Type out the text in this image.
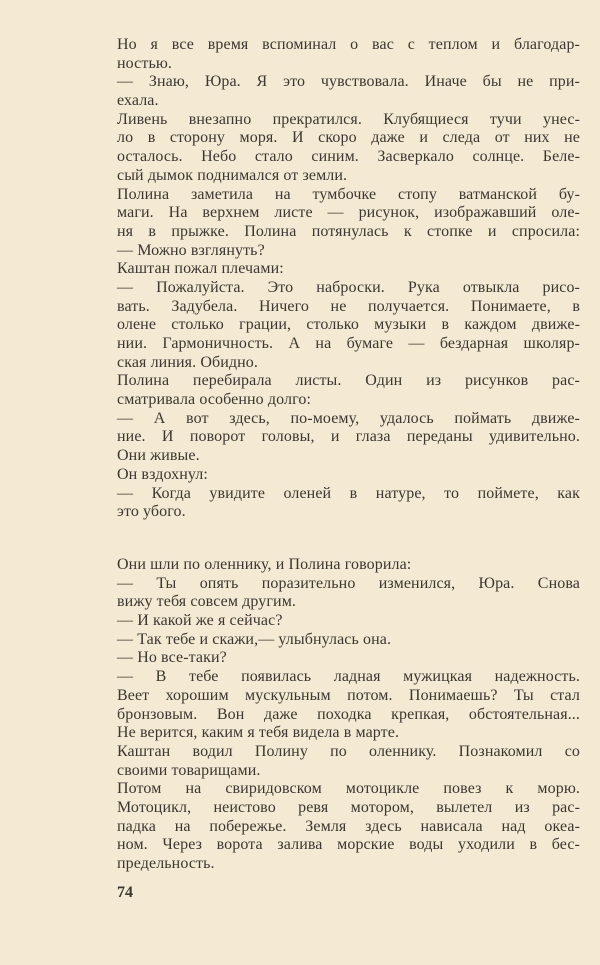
Но я все время вспоминал о вас с теплом и благодар-
ностью.
— Знаю, Юра. Я это чувствовала. Иначе бы не при-
ехала.
Ливень внезапно прекратился. Клубящиеся тучи унес-
ло в сторону моря. И скоро даже и следа от них не
осталось. Небо стало синим. Засверкало солнце. Беле-
сый дымок поднимался от земли.
Полина заметила на тумбочке стопу ватманской бу-
маги. На верхнем листе — рисунок, изображавший оле-
ня в прыжке. Полина потянулась к стопке и спросила:
— Можно взглянуть?
Каштан пожал плечами:
— Пожалуйста. Это наброски. Рука отвыкла рисо-
вать. Задубела. Ничего не получается. Понимаете, в
олене столько грации, столько музыки в каждом движе-
нии. Гармоничность. А на бумаге — бездарная школяр-
ская линия. Обидно.
Полина перебирала листы. Один из рисунков рас-
сматривала особенно долго:
— А вот здесь, по-моему, удалось поймать движе-
ние. И поворот головы, и глаза переданы удивительно.
Они живые.
Он вздохнул:
— Когда увидите оленей в натуре, то поймете, как
это убого.
Они шли по оленнику, и Полина говорила:
— Ты опять поразительно изменился, Юра. Снова
вижу тебя совсем другим.
— И какой же я сейчас?
— Так тебе и скажи,— улыбнулась она.
— Но все-таки?
— В тебе появилась ладная мужицкая надежность.
Веет хорошим мускульным потом. Понимаешь? Ты стал
бронзовым. Вон даже походка крепкая, обстоятельная...
Не верится, каким я тебя видела в марте.
Каштан водил Полину по оленнику. Познакомил со
своими товарищами.
Потом на свиридовском мотоцикле повез к морю.
Мотоцикл, неистово ревя мотором, вылетел из рас-
падка на побережье. Земля здесь нависала над океа-
ном. Через ворота залива морские воды уходили в бес-
предельность.
74
